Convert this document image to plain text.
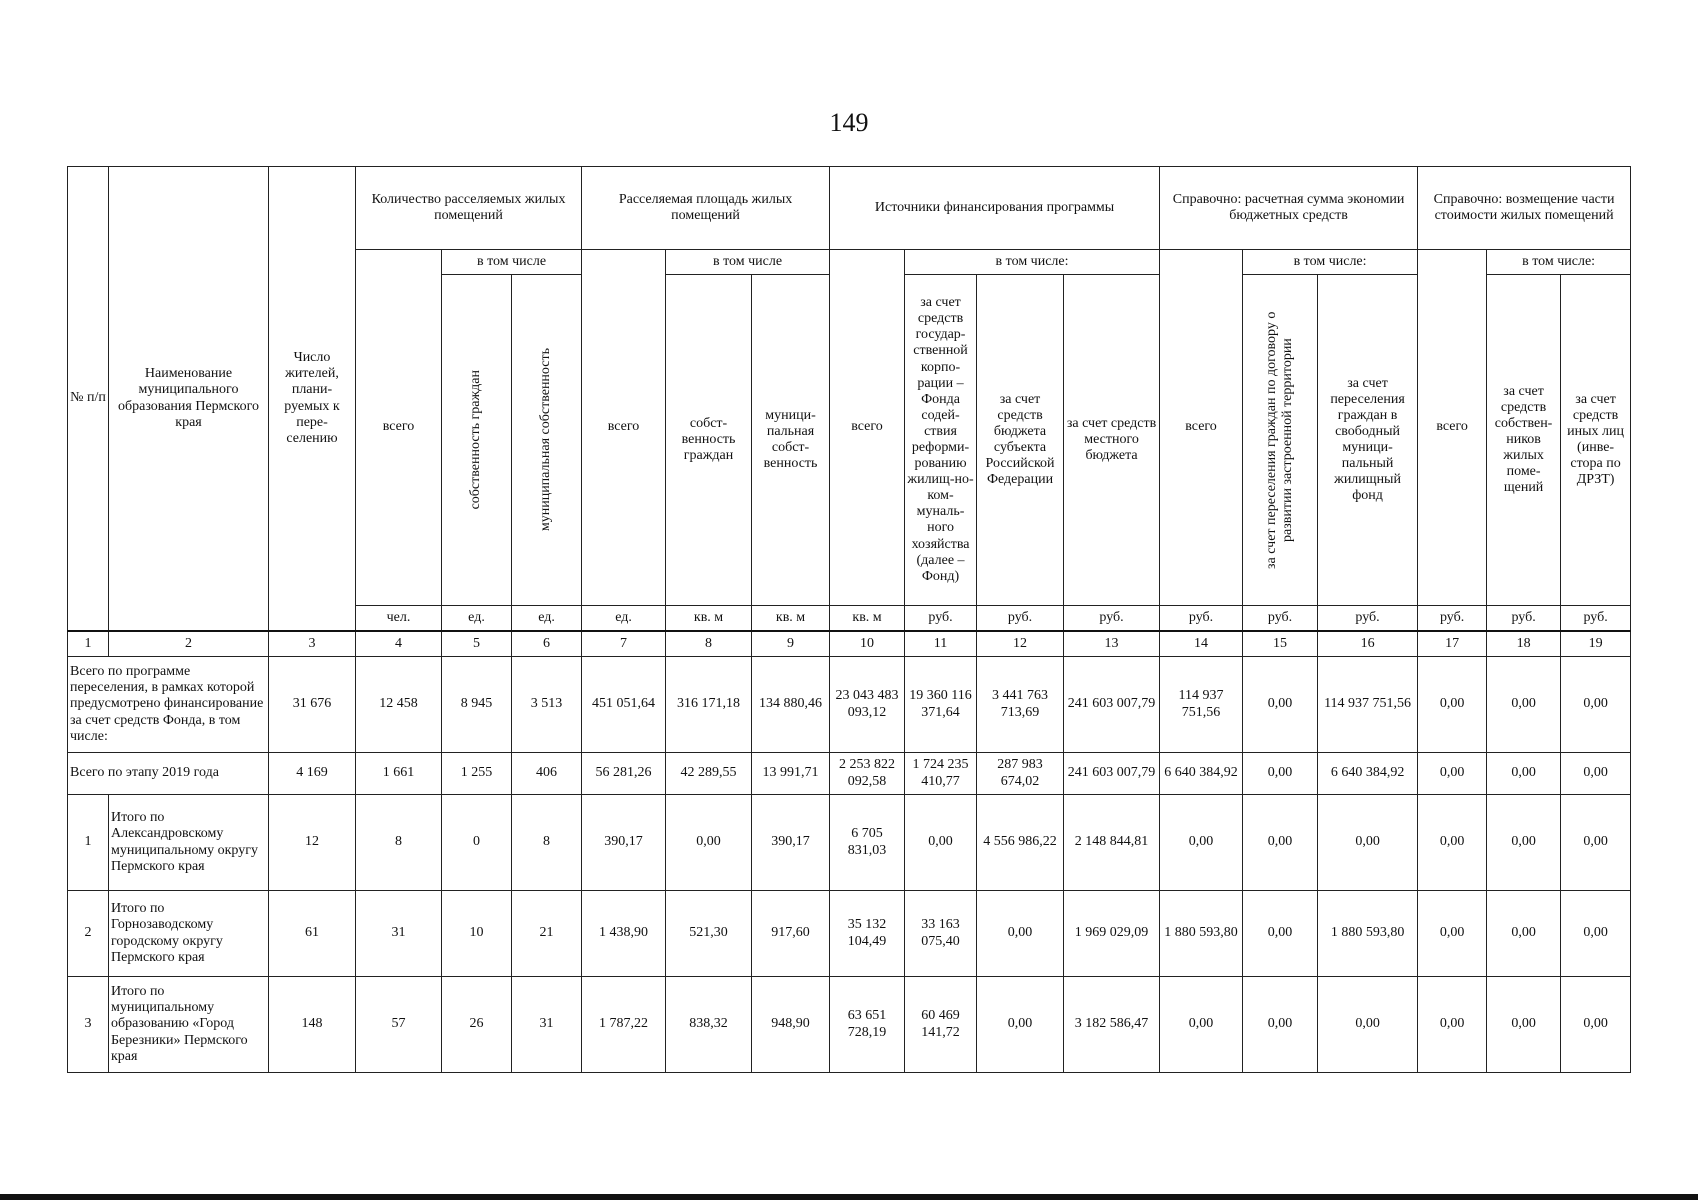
149
№ п/п	Наименование муниципального образования Пермского края	Число жителей, плани-руемых к пере-селению	Количество расселяемых жилых помещений			Расселяемая площадь жилых помещений			Источники финансирования программы				Справочно: расчетная сумма экономии бюджетных средств			Справочно: возмещение части стоимости жилых помещений			
			всего	в том числе		всего	в том числе		всего	в том числе:			всего	в том числе:		всего	в том числе:		

				собственность граждан	муниципальная собственность		собст-венность граждан	муници-пальная собст-венность		за счет средств государ-ственной корпо-рации – Фонда содей-ствия реформи-рованию жилищ-но-ком-муналь-ного хозяйства (далее – Фонд)	за счет средств бюджета субъекта Российской Федерации	за счет средств местного бюджета		за счет переселения граждан по договору о развитии застроенной территории	за счет переселения граждан в свободный муници-пальный жилищный фонд		за счет средств собствен-ников жилых поме-щений	за счет средств иных лиц (инве-стора по ДРЗТ)	
			чел.	ед.	ед.	ед.	кв. м	кв. м	кв. м	руб.	руб.	руб.	руб.	руб.	руб.	руб.	руб.	руб.	
1	2	3	4	5	6	7	8	9	10	11	12	13	14	15	16	17	18	19	
Всего по программе переселения, в рамках которой предусмотрено финансирование за счет средств Фонда, в том числе:		31 676	12 458	8 945	3 513	451 051,64	316 171,18	134 880,46	23 043 483 093,12	19 360 116 371,64	3 441 763 713,69	241 603 007,79	114 937 751,56	0,00	114 937 751,56	0,00	0,00	0,00	
Всего по этапу 2019 года		4 169	1 661	1 255	406	56 281,26	42 289,55	13 991,71	2 253 822 092,58	1 724 235 410,77	287 983 674,02	241 603 007,79	6 640 384,92	0,00	6 640 384,92	0,00	0,00	0,00	
1	Итого по Александровскому муниципальному округу Пермского края	12	8	0	8	390,17	0,00	390,17	6 705 831,03	0,00	4 556 986,22	2 148 844,81	0,00	0,00	0,00	0,00	0,00	0,00	
2	Итого по Горнозаводскому городскому округу Пермского края	61	31	10	21	1 438,90	521,30	917,60	35 132 104,49	33 163 075,40	0,00	1 969 029,09	1 880 593,80	0,00	1 880 593,80	0,00	0,00	0,00	
3	Итого по муниципальному образованию «Город Березники» Пермского края	148	57	26	31	1 787,22	838,32	948,90	63 651 728,19	60 469 141,72	0,00	3 182 586,47	0,00	0,00	0,00	0,00	0,00	0,00	
